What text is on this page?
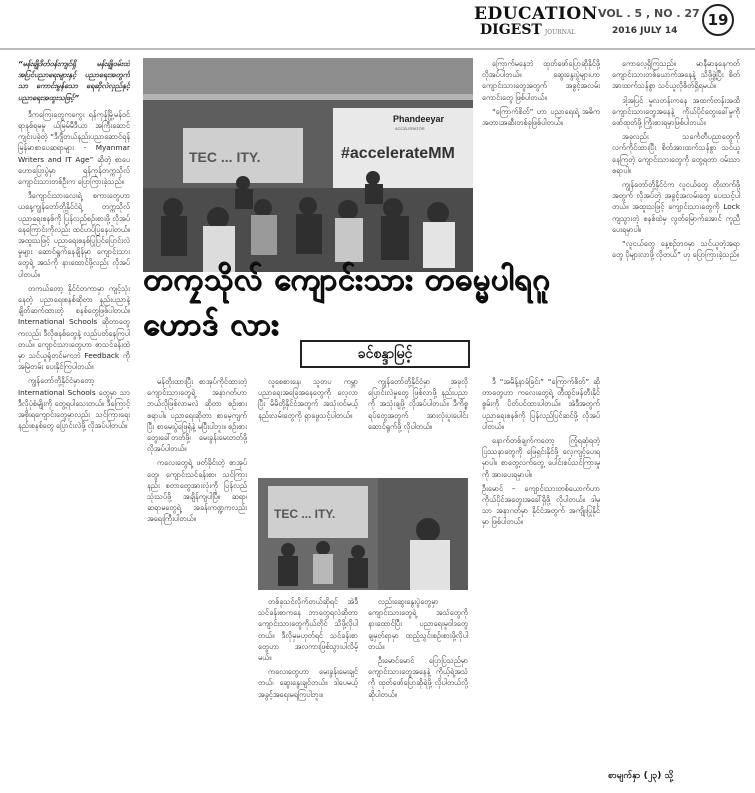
EDUCATION
DIGEST JOURNAL
VOL . 5 , NO . 27
2016 JULY 14
19

“မန်းချိုဒိတ်ဝန်းကျင်ရှိ မန်းချိုဝမ်းထဲ အပြင်ပညာရေးများနှင့် ပညာရေးအတွက်သာ ကောင်းမွန်သော ရေဆိုလဲလှည်နှင့် ပညာရေးအထူးသဖြင့်”

ဒီကကြေးတွေကကွေး ရန်ကုန်မြို့မန်ဝင်ရာနစ်ရမမှု ယ်မြမ်မီဒီယာ အကြီးဆောင်ကျင်းပခဲ့တဲ့ “ဒီဂျီတယ်နည်းပညာဆောင်ရန် မြန်မာစာပေဆရာများ - Myanmar Writers and IT Age” ဆိုတဲ့ စာပေဟောပြောပွဲမှာ ရန်ကုန်တက္ကသိုလ်ကျောင်းသားတစ်ဦးက ပြောကြားခဲ့သည်။

ဒီကျောင်းသားလေးရဲ့ စကားတွေဟာ ယနေ့ကျွန်တော်တို့နိုင်ငံရဲ့ တက္ကသိုလ်ပညာရေးစနစ်ကို ပြန်လည်စဉ်းစားဖို့ လိုအပ်နေကြောင်းကိုလည်း ထင်ဟပ်ပြနေပါတယ်။ အထူးသဖြင့် ပညာရေးစနစ်ပြုပြင်ပြောင်းလဲမှုများ ဆောင်ရွက်နေချိန်မှာ ကျောင်းသားတွေရဲ့ အသံကို နားထောင်ဖို့လည်း လိုအပ်ပါတယ်။

တကယ်တော့ နိုင်ငံတကာမှာ ကျင့်သုံးနေတဲ့ ပညာရေးစနစ်ဆိုတာ နည်းပညာနဲ့ ချိတ်ဆက်ထားတဲ့ စနစ်တွေဖြစ်ပါတယ်။ International Schools ဆိုတာတွေကလည်း ဒီလိုစနစ်တွေနဲ့ လည်ပတ်နေကြပါတယ်။ ကျောင်းသားတွေဟာ စာသင်ခန်းထဲမှာ သင်ယူရုံတင်မကဘဲ Feedback ကို အမြဲတမ်း ပေးနိုင်ကြပါတယ်။

ကျွန်တော်တို့နိုင်ငံမှာတော့ International Schools တွေမှာ သာ ဒီလိုပုံစံမျိုးကို တွေ့ရပါသေးတယ်။ ဒီကြောင့် အစိုးရကျောင်းတွေမှာလည်း သင်ကြားရေးနည်းစနစ်တွေ ပြောင်းလဲဖို့ လိုအပ်ပါတယ်။

Phandeeyar
ACCELERATOR
#accelerateMM
TEC ... ITY.

ကြောက်မနေဘဲ ထုတ်ဖော်ပြောဆိုနိုင်ဖို့ လိုအပ်ပါတယ်။ ဆွေးနွေးပွဲများဟာ ကျောင်းသားတွေအတွက် အခွင့်အလမ်းကောင်းတွေ ဖြစ်ပါတယ်။

“ကြောက်စိတ်” ဟာ ပညာရေးရဲ့ အဓိက အတားအဆီးတစ်ခုဖြစ်ပါတယ်။

တကၠသိုလ် ကျောင်းသား တဓမ္မပါရဂူ ဟောဒ် လား
ခင်စန္ဒာမြင့်

မန်တိုးထားပြီး စာအုပ်ကိုင်ထားတဲ့ ကျောင်းသားတွေရဲ့ အနာဂတ်ဟာ ဘယ်လိုဖြစ်လာမလဲ ဆိုတာ စဉ်းစားစရာပါ။ ပညာရေးဆိုတာ စာမေ့ကျက်ပြီး စာမေးပွဲဖြေရုံနဲ့ မပြီးပါဘူး။ စဉ်းစားတွေးခေါ်တတ်ဖို့၊ မေးခွန်းမေးတတ်ဖို့ လိုအပ်ပါတယ်။

ကလေးတွေရဲ့ ဖတ်ခိုင်းတဲ့ စာအုပ်တွေ၊ ကျောင်းသင်ခန်းစာ၊ သင်ကြားနည်း စတာတွေအားလုံးကို ပြန်လည်သုံးသပ်ဖို့ အချိန်ကျပါပြီ။ ဆရာ၊ ဆရာမတွေရဲ့ အခန်းကဏ္ဍကလည်း အရေးကြီးပါတယ်။

လူစေစားနေ၊ သူတပ ကမ္ဘာ ပညာရေးအခြေအနေတွေကို လေ့လာပြီး မိမိတို့နိုင်ငံအတွက် အသုံးဝင်မယ့် နည်းလမ်းတွေကို ရှာဖွေသင့်ပါတယ်။

ကျွန်တော်တို့နိုင်ငံမှာ အခုလို ပြောင်းလဲမှုတွေ ဖြစ်လာဖို့ နည်းပညာကို အသုံးချဖို့ လိုအပ်ပါတယ်။ ဒီကိစ္စရပ်တွေအတွက် အားလုံးပူးပေါင်းဆောင်ရွက်ဖို့ လိုပါတယ်။

TEC ... ITY.

တစ်ခုသင်လိုက်တယ်ဆိုရင် အဲဒီသင်ခန်းစာကနေ ဘာတွေရလဲဆိုတာ ကျောင်းသားတွေကိုယ်တိုင် သိဖို့လိုပါတယ်။ ဒီလိုမှမဟုတ်ရင် သင်ခန်းစာတွေဟာ အလကားဖြစ်သွားပါလိမ့်မယ်။

ကလေးတွေဟာ မေးခွန်းမေးချင်တယ်၊ ဆွေးနွေးချင်တယ်။ ဒါပေမယ့် အခွင့်အရေးမရကြပါဘူး။

လည်းဆွေးနွေးပွဲတွေမှာ ကျောင်းသားတွေရဲ့ အသံတွေကို နားထောင်ပြီး ပညာရေးမူဝါဒတွေ ချမှတ်ရာမှာ ထည့်သွင်းစဉ်းစားဖို့လိုပါတယ်။

ဦးမောင်မောင် ပြောပြသည်မှာ ကျောင်းသားတွေအနေနဲ့ ကိုယ့်ရဲ့အသံကို ထုတ်ဖော်ပြောဆိုရဲဖို့ လိုပါတယ်လို့ ဆိုပါတယ်။

ဒီ “အမိန့်နာခံခြင်း” “ကြောက်စိတ်” ဆိုတာတွေဟာ ကလေးတွေရဲ့ တီထွင်ဖန်တီးနိုင်စွမ်းကို ပိတ်ပင်ထားပါတယ်။ အဲဒီအတွက် ပညာရေးစနစ်ကို ပြန်လည်ပြင်ဆင်ဖို့ လိုအပ်ပါတယ်။

နောက်တစ်ချက်ကတော့ ကြုံရဆုံရတဲ့ ပြဿနာတွေကို ဖြေရှင်းနိုင်ဖို့ လေ့ကျင့်ပေးရမှာပါ။ စာတွေ့လက်တွေ့ ပေါင်းစပ်သင်ကြားမှုကို အားပေးရမှာပါ။

ဦးမောင် – ကျောင်းသားတစ်ယောက်ဟာ ကိုယ်ပိုင်အတွေးအခေါ်ရှိဖို့ လိုပါတယ်။ ဒါမှသာ အနာဂတ်မှာ နိုင်ငံအတွက် အကျိုးပြုနိုင်မှာ ဖြစ်ပါတယ်။

ကောလေ့ရှိကြသည်။ မာနီမာနနေကတ် ကျောင်းသားတစ်ယောက်အနေနဲ့ သိဖို့ဖွဲ့ပြီး စိတ်အားထက်သန်စွာ သင်ယူလိုစိတ်ရှိရမယ်။

ဒါ့အပြင် မူလတန်းကနေ အထက်တန်းအထိ ကျောင်းသားတွေအနေနဲ့ ကိုယ်ပိုင်တွေးခေါ်မှုကို ဖော်ထုတ်ဖို့ ကြိုးစားရမှာဖြစ်ပါတယ်။

အခုလည်း သင်္ကေတီပညာတွေကို လက်ကိုင်ထားပြီး စိတ်အားထက်သန်စွာ သင်ယူနေကြတဲ့ ကျောင်းသားတွေကို တွေ့ရတာ ဝမ်းသာစရာပါ။

ကျွန်တော်တို့နိုင်ငံက လူငယ်တွေ တိုးတက်ဖို့ အတွက် လိုအပ်တဲ့ အခွင့်အလမ်းတွေ ပေးသင့်ပါတယ်။ အထူးသဖြင့် ကျောင်းသားတွေကို Lock ကျသွားတဲ့ စနစ်ထဲမှ လွတ်မြောက်အောင် ကူညီပေးရမှာပါ။

“လူငယ်တွေ နေ့စဉ်ဘဝမှာ သင်ယူတဲ့အရာတွေ ပိုများလာဖို့ လိုတယ်” ဟု ပြောကြားခဲ့သည်။

စာမျက်နှာ (၂၃) သို့
